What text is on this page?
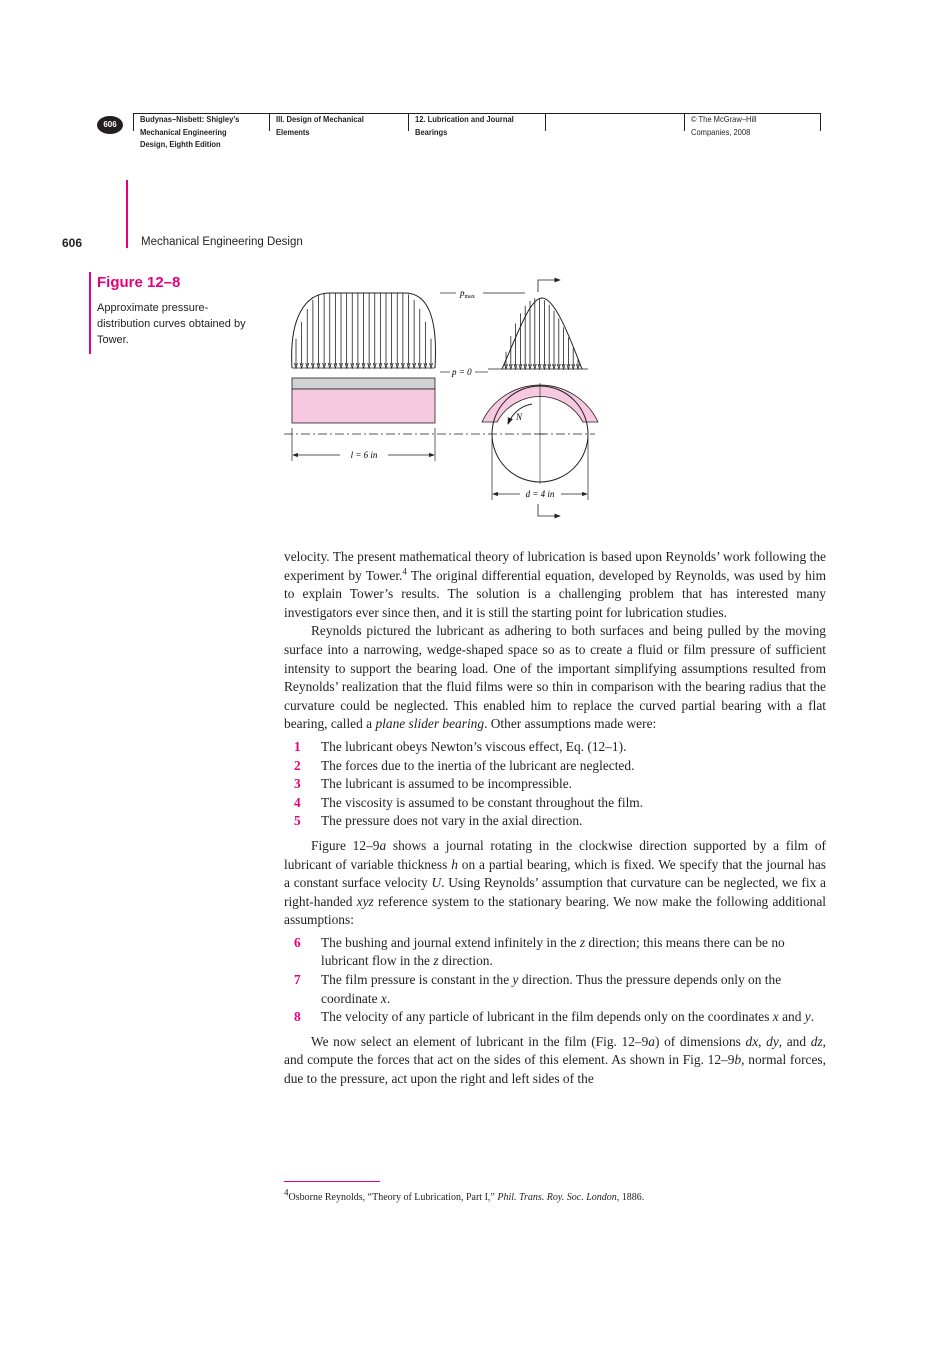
606
Budynas–Nisbett: Shigley’s
Mechanical Engineering
Design, Eighth Edition
III. Design of Mechanical
Elements
12. Lubrication and Journal
Bearings
© The McGraw–Hill
Companies, 2008
606	Mechanical Engineering Design
Figure 12–8
Approximate pressure-distribution curves obtained by Tower.
l = 6 in
$p_{max}$
p = 0
N
d = 4 in

velocity. The present mathematical theory of lubrication is based upon Reynolds’ work following the experiment by Tower.$^4$ The original differential equation, developed by Reynolds, was used by him to explain Tower’s results. The solution is a challenging problem that has interested many investigators ever since then, and it is still the starting point for lubrication studies.

Reynolds pictured the lubricant as adhering to both surfaces and being pulled by the moving surface into a narrowing, wedge-shaped space so as to create a fluid or film pressure of sufficient intensity to support the bearing load. One of the important simplifying assumptions resulted from Reynolds’ realization that the fluid films were so thin in comparison with the bearing radius that the curvature could be neglected. This enabled him to replace the curved partial bearing with a flat bearing, called a plane slider bearing. Other assumptions made were:

1 The lubricant obeys Newton’s viscous effect, Eq. (12–1).
2 The forces due to the inertia of the lubricant are neglected.
3 The lubricant is assumed to be incompressible.
4 The viscosity is assumed to be constant throughout the film.
5 The pressure does not vary in the axial direction.

Figure 12–9a shows a journal rotating in the clockwise direction supported by a film of lubricant of variable thickness h on a partial bearing, which is fixed. We specify that the journal has a constant surface velocity U. Using Reynolds’ assumption that curvature can be neglected, we fix a right-handed xyz reference system to the stationary bearing. We now make the following additional assumptions:

6 The bushing and journal extend infinitely in the z direction; this means there can be no lubricant flow in the z direction.
7 The film pressure is constant in the y direction. Thus the pressure depends only on the coordinate x.
8 The velocity of any particle of lubricant in the film depends only on the coordinates x and y.

We now select an element of lubricant in the film (Fig. 12–9a) of dimensions dx, dy, and dz, and compute the forces that act on the sides of this element. As shown in Fig. 12–9b, normal forces, due to the pressure, act upon the right and left sides of the

$^4$Osborne Reynolds, “Theory of Lubrication, Part I,” Phil. Trans. Roy. Soc. London, 1886.
